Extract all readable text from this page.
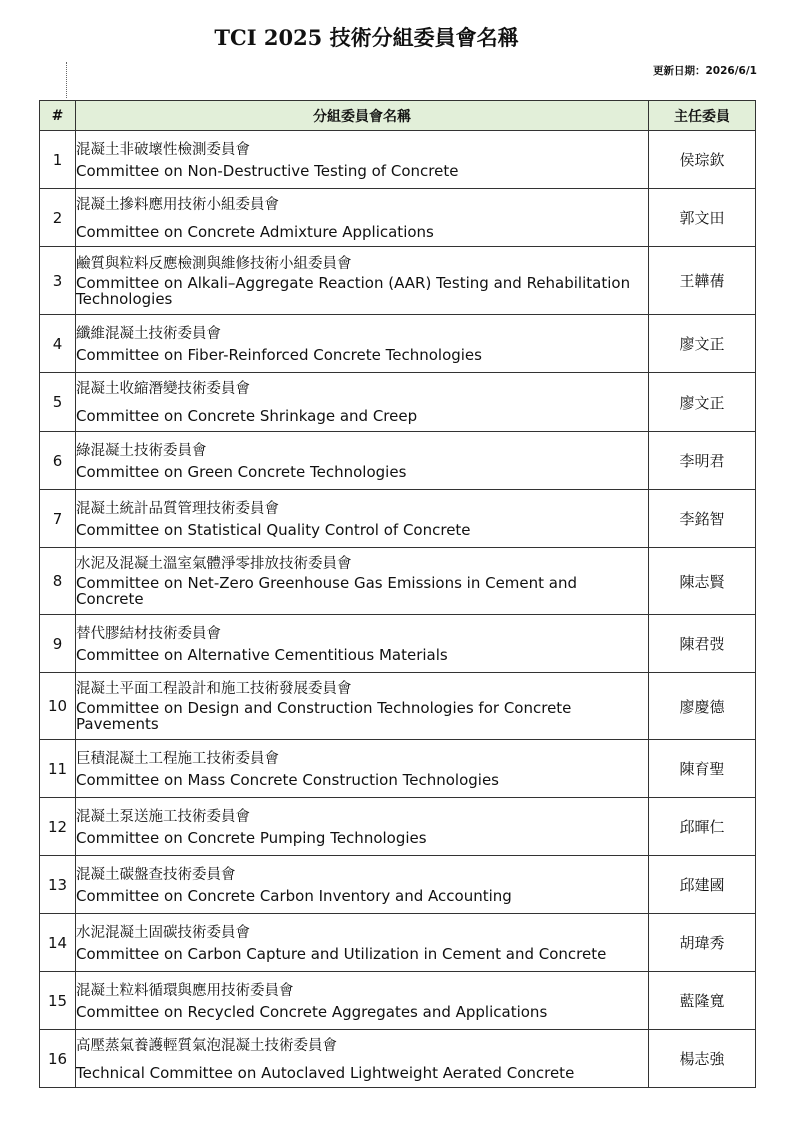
TCI 2025 技術分組委員會名稱
更新日期：2026/6/1
#	分組委員會名稱	主任委員
1	混凝土非破壞性檢測委員會
Committee on Non-Destructive Testing of Concrete	侯琮欽
2	混凝土摻料應用技術小組委員會
Committee on Concrete Admixture Applications	郭文田
3	鹼質與粒料反應檢測與維修技術小組委員會
Committee on Alkali–Aggregate Reaction (AAR) Testing and Rehabilitation Technologies	王韡蒨
4	纖維混凝土技術委員會
Committee on Fiber-Reinforced Concrete Technologies	廖文正
5	混凝土收縮潛變技術委員會
Committee on Concrete Shrinkage and Creep	廖文正
6	綠混凝土技術委員會
Committee on Green Concrete Technologies	李明君
7	混凝土統計品質管理技術委員會
Committee on Statistical Quality Control of Concrete	李銘智
8	水泥及混凝土溫室氣體淨零排放技術委員會
Committee on Net-Zero Greenhouse Gas Emissions in Cement and Concrete	陳志賢
9	替代膠結材技術委員會
Committee on Alternative Cementitious Materials	陳君弢
10	混凝土平面工程設計和施工技術發展委員會
Committee on Design and Construction Technologies for Concrete Pavements	廖慶德
11	巨積混凝土工程施工技術委員會
Committee on Mass Concrete Construction Technologies	陳育聖
12	混凝土泵送施工技術委員會
Committee on Concrete Pumping Technologies	邱暉仁
13	混凝土碳盤查技術委員會
Committee on Concrete Carbon Inventory and Accounting	邱建國
14	水泥混凝土固碳技術委員會
Committee on Carbon Capture and Utilization in Cement and Concrete	胡瑋秀
15	混凝土粒料循環與應用技術委員會
Committee on Recycled Concrete Aggregates and Applications	藍隆寬
16	高壓蒸氣養護輕質氣泡混凝土技術委員會
Technical Committee on Autoclaved Lightweight Aerated Concrete	楊志強
